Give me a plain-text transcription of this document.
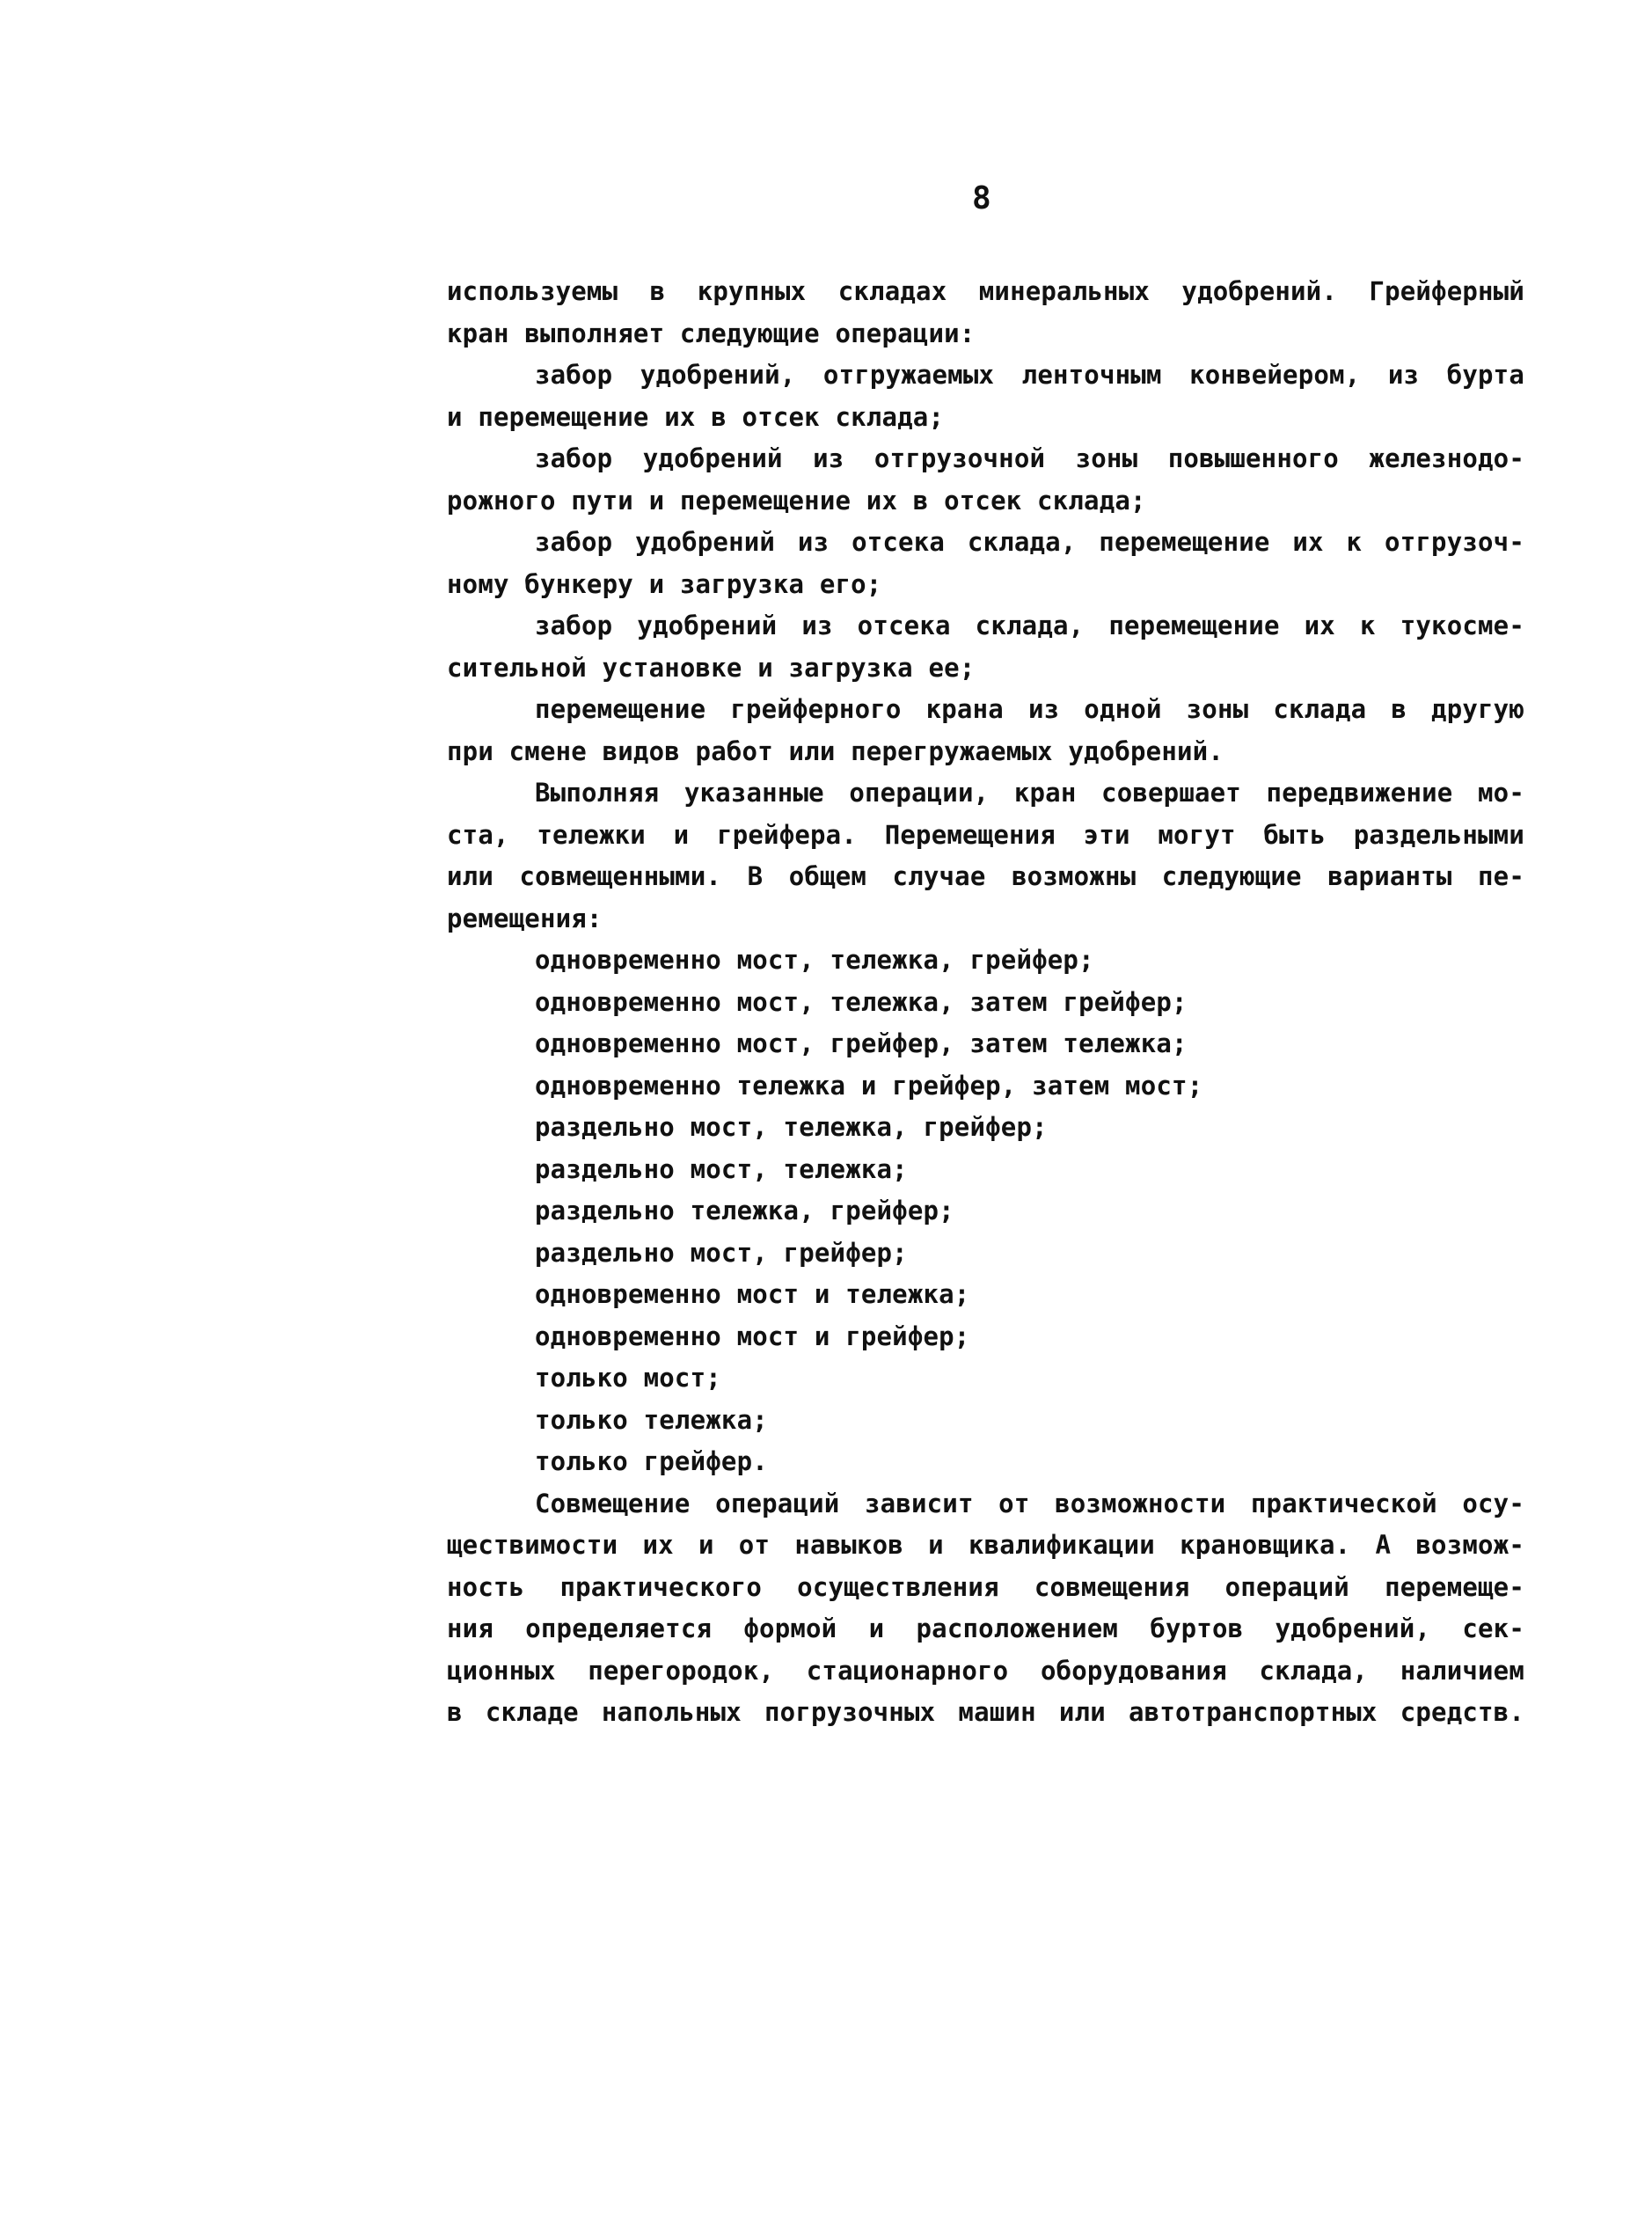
8
используемы в крупных складах минеральных удобрений. Грейферный
кран выполняет следующие операции:
забор удобрений, отгружаемых ленточным конвейером, из бурта
и перемещение их в отсек склада;
забор удобрений из отгрузочной зоны повышенного железнодо-
рожного пути и перемещение их в отсек склада;
забор удобрений из отсека склада, перемещение их к отгрузоч-
ному бункеру и загрузка его;
забор удобрений из отсека склада, перемещение их к тукосме-
сительной установке и загрузка ее;
перемещение грейферного крана из одной зоны склада в другую
при смене видов работ или перегружаемых удобрений.
Выполняя указанные операции, кран совершает передвижение мо-
ста, тележки и грейфера. Перемещения эти могут быть раздельными
или совмещенными. В общем случае возможны следующие варианты пе-
ремещения:
одновременно мост, тележка, грейфер;
одновременно мост, тележка, затем грейфер;
одновременно мост, грейфер, затем тележка;
одновременно тележка и грейфер, затем мост;
раздельно мост, тележка, грейфер;
раздельно мост, тележка;
раздельно тележка, грейфер;
раздельно мост, грейфер;
одновременно мост и тележка;
одновременно мост и грейфер;
только мост;
только тележка;
только грейфер.
Совмещение операций зависит от возможности практической осу-
ществимости их и от навыков и квалификации крановщика. А возмож-
ность практического осуществления совмещения операций перемеще-
ния определяется формой и расположением буртов удобрений, сек-
ционных перегородок, стационарного оборудования склада, наличием
в складе напольных погрузочных машин или автотранспортных средств.
